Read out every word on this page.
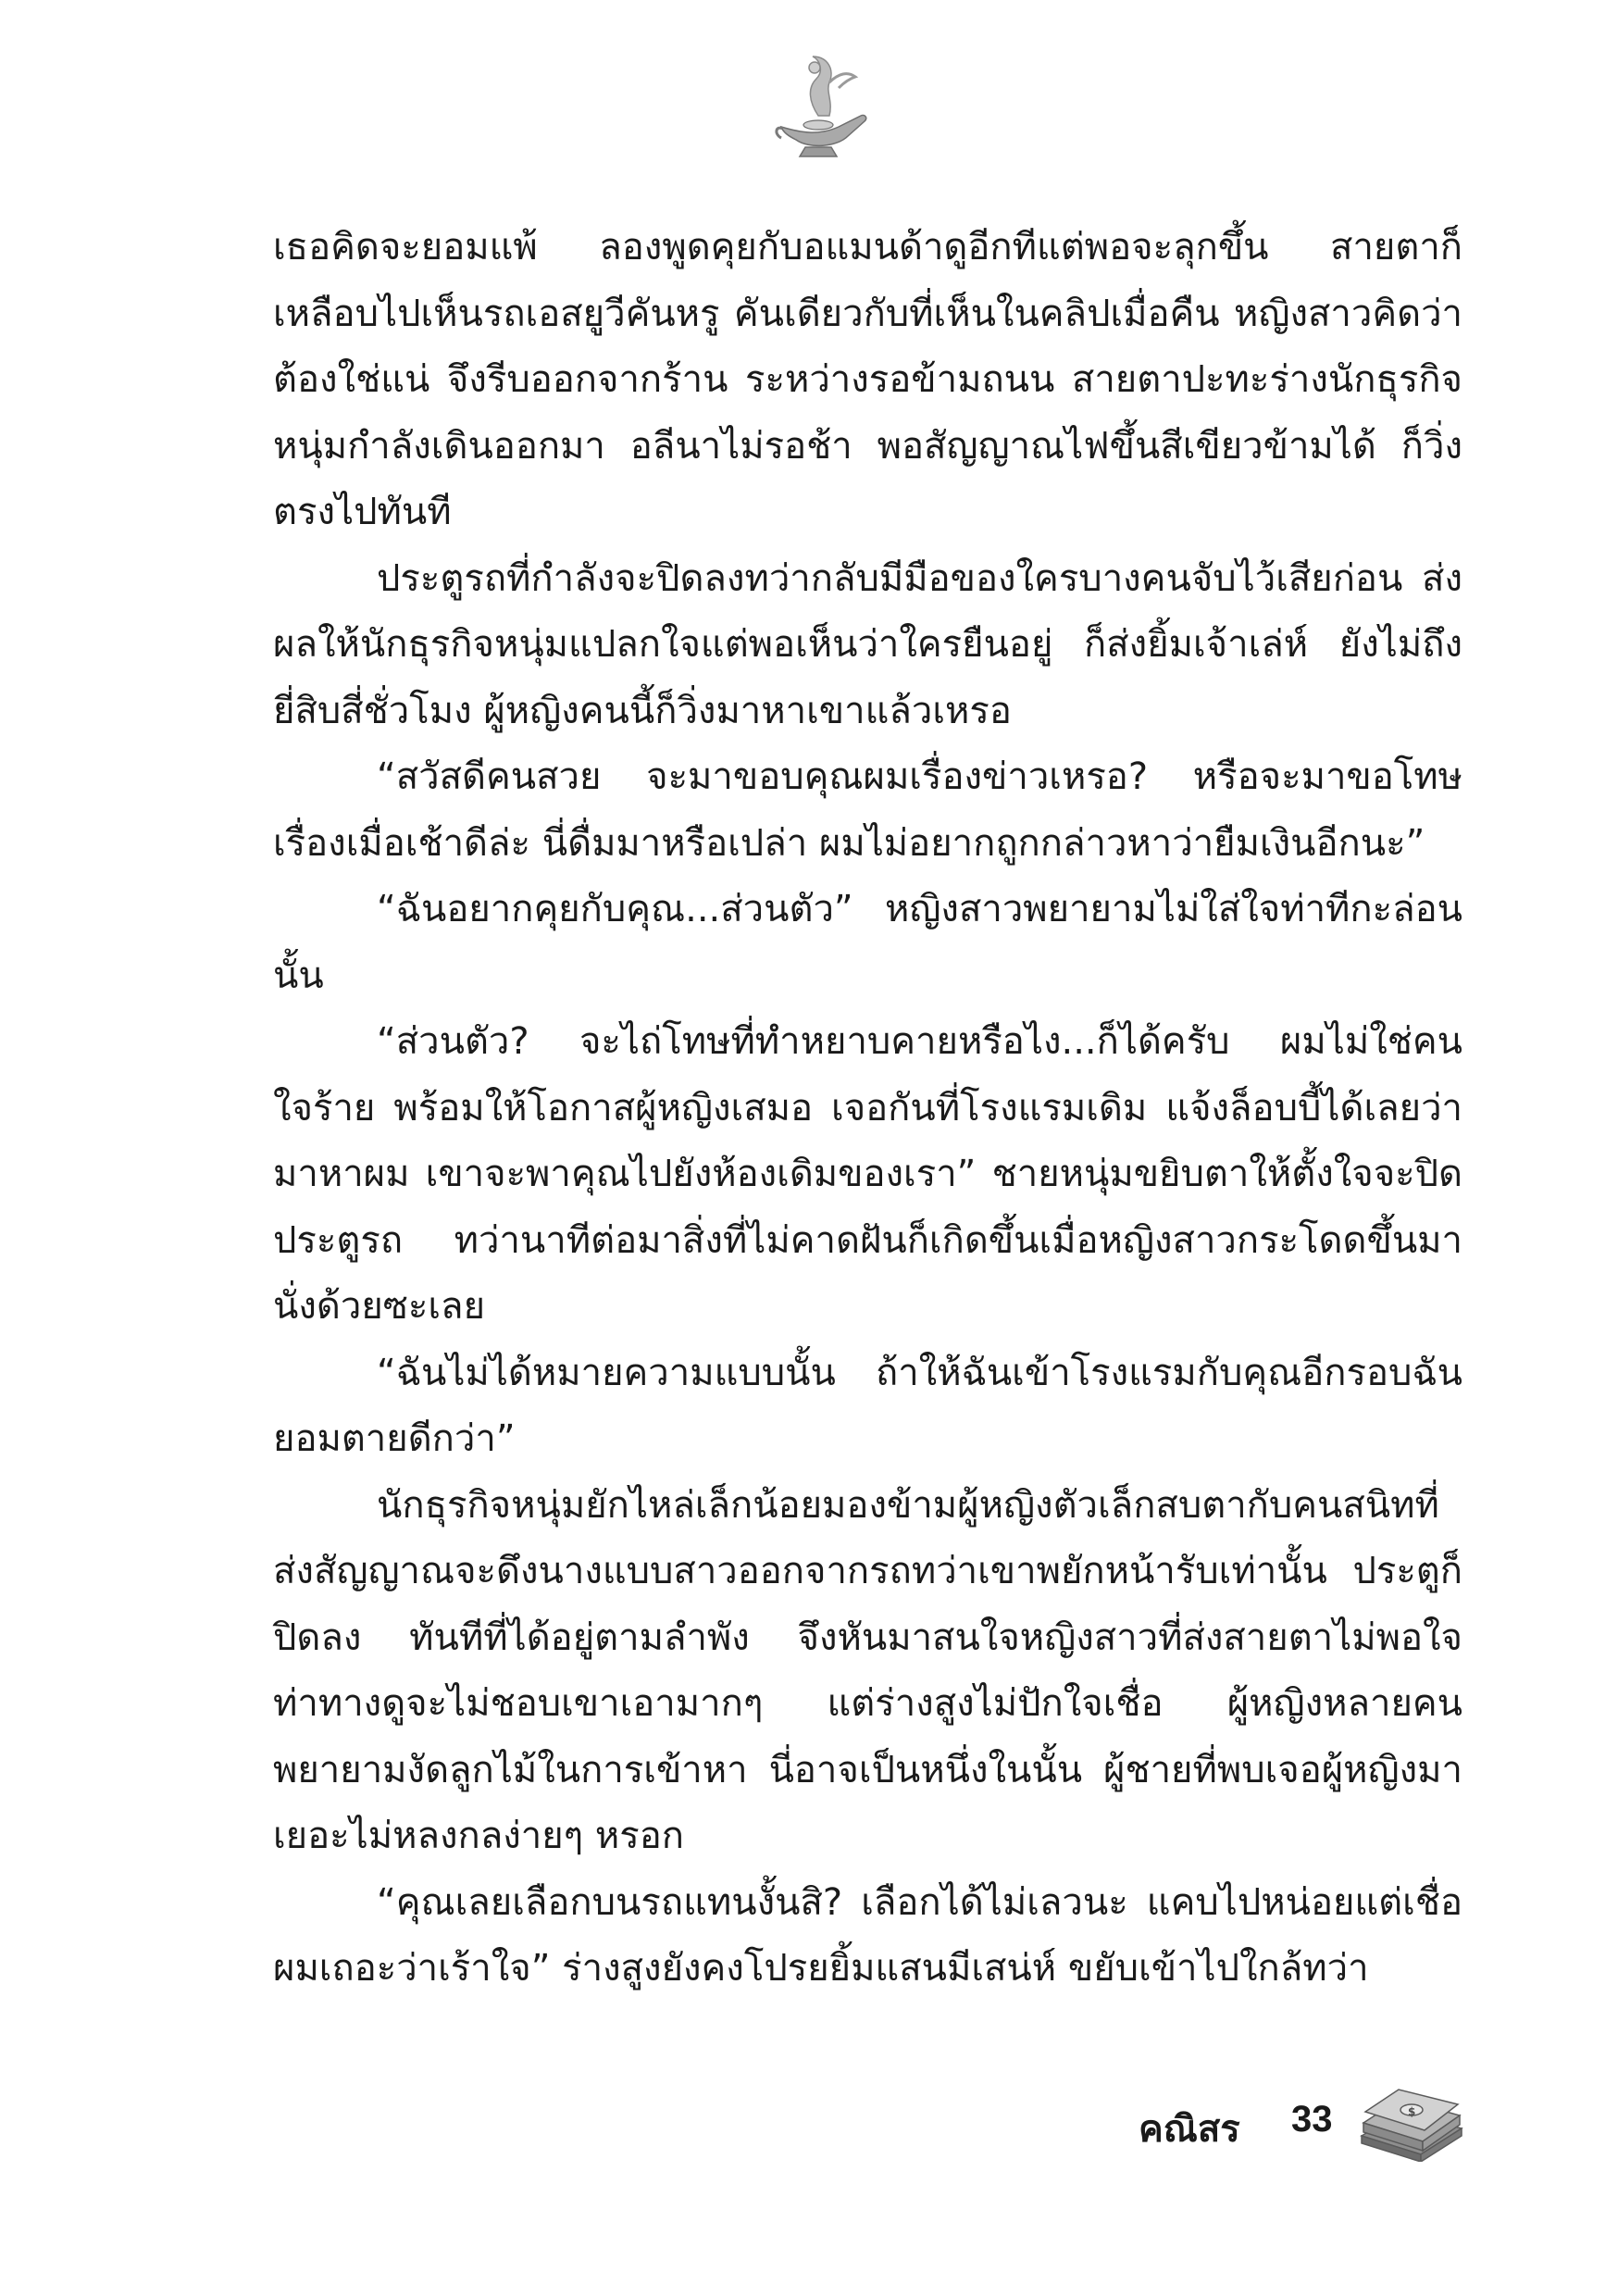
เธอคิดจะยอมแพ้ ลองพูดคุยกับอแมนด้าดูอีกทีแต่พอจะลุกขึ้น สายตาก็เหลือบไปเห็นรถเอสยูวีคันหรู คันเดียวกับที่เห็นในคลิปเมื่อคืน หญิงสาวคิดว่าต้องใช่แน่ จึงรีบออกจากร้าน ระหว่างรอข้ามถนน สายตาปะทะร่างนักธุรกิจหนุ่มกำลังเดินออกมา อลีนาไม่รอช้า พอสัญญาณไฟขึ้นสีเขียวข้ามได้ ก็วิ่งตรงไปทันที

ประตูรถที่กำลังจะปิดลงทว่ากลับมีมือของใครบางคนจับไว้เสียก่อน ส่งผลให้นักธุรกิจหนุ่มแปลกใจแต่พอเห็นว่าใครยืนอยู่ ก็ส่งยิ้มเจ้าเล่ห์ ยังไม่ถึงยี่สิบสี่ชั่วโมง ผู้หญิงคนนี้ก็วิ่งมาหาเขาแล้วเหรอ

“สวัสดีคนสวย จะมาขอบคุณผมเรื่องข่าวเหรอ? หรือจะมาขอโทษเรื่องเมื่อเช้าดีล่ะ นี่ดื่มมาหรือเปล่า ผมไม่อยากถูกกล่าวหาว่ายืมเงินอีกนะ”

“ฉันอยากคุยกับคุณ...ส่วนตัว” หญิงสาวพยายามไม่ใส่ใจท่าทีกะล่อนนั้น

“ส่วนตัว? จะไถ่โทษที่ทำหยาบคายหรือไง...ก็ได้ครับ ผมไม่ใช่คนใจร้าย พร้อมให้โอกาสผู้หญิงเสมอ เจอกันที่โรงแรมเดิม แจ้งล็อบบี้ได้เลยว่ามาหาผม เขาจะพาคุณไปยังห้องเดิมของเรา” ชายหนุ่มขยิบตาให้ตั้งใจจะปิดประตูรถ ทว่านาทีต่อมาสิ่งที่ไม่คาดฝันก็เกิดขึ้นเมื่อหญิงสาวกระโดดขึ้นมานั่งด้วยซะเลย

“ฉันไม่ได้หมายความแบบนั้น ถ้าให้ฉันเข้าโรงแรมกับคุณอีกรอบฉันยอมตายดีกว่า”

นักธุรกิจหนุ่มยักไหล่เล็กน้อยมองข้ามผู้หญิงตัวเล็กสบตากับคนสนิทที่ส่งสัญญาณจะดึงนางแบบสาวออกจากรถทว่าเขาพยักหน้ารับเท่านั้น ประตูก็ปิดลง ทันทีที่ได้อยู่ตามลำพัง จึงหันมาสนใจหญิงสาวที่ส่งสายตาไม่พอใจ ท่าทางดูจะไม่ชอบเขาเอามากๆ แต่ร่างสูงไม่ปักใจเชื่อ ผู้หญิงหลายคนพยายามงัดลูกไม้ในการเข้าหา นี่อาจเป็นหนึ่งในนั้น ผู้ชายที่พบเจอผู้หญิงมาเยอะไม่หลงกลง่ายๆ หรอก

“คุณเลยเลือกบนรถแทนงั้นสิ? เลือกได้ไม่เลวนะ แคบไปหน่อยแต่เชื่อผมเถอะว่าเร้าใจ” ร่างสูงยังคงโปรยยิ้มแสนมีเสน่ห์ ขยับเข้าไปใกล้ทว่า

คณิสร 33	$
